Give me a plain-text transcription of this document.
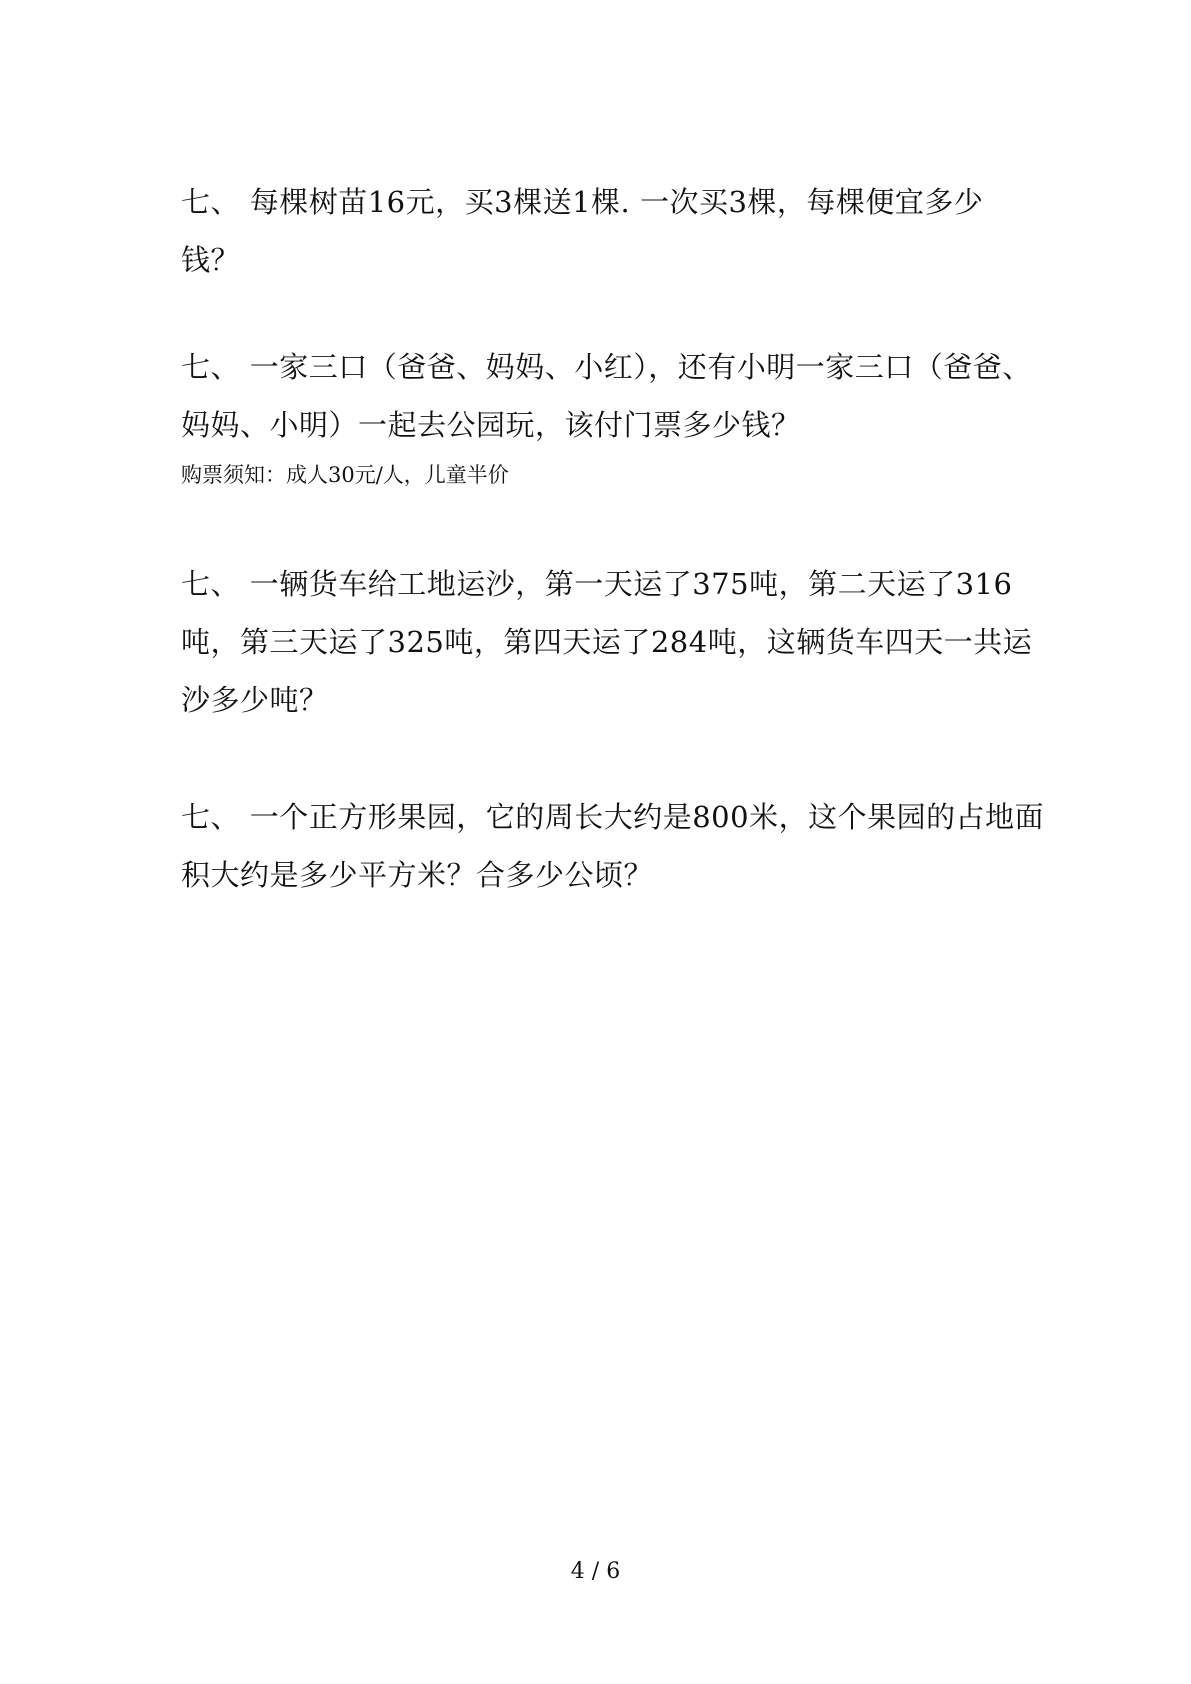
七、 每棵树苗16元，买3棵送1棵. 一次买3棵，每棵便宜多少
钱？
七、 一家三口（爸爸、妈妈、小红），还有小明一家三口（爸爸、
妈妈、小明）一起去公园玩，该付门票多少钱？
购票须知：成人30元/人，儿童半价
七、 一辆货车给工地运沙，第一天运了375吨，第二天运了316
吨，第三天运了325吨，第四天运了284吨，这辆货车四天一共运
沙多少吨？
七、 一个正方形果园，它的周长大约是800米，这个果园的占地面
积大约是多少平方米？合多少公顷？
4 / 6
